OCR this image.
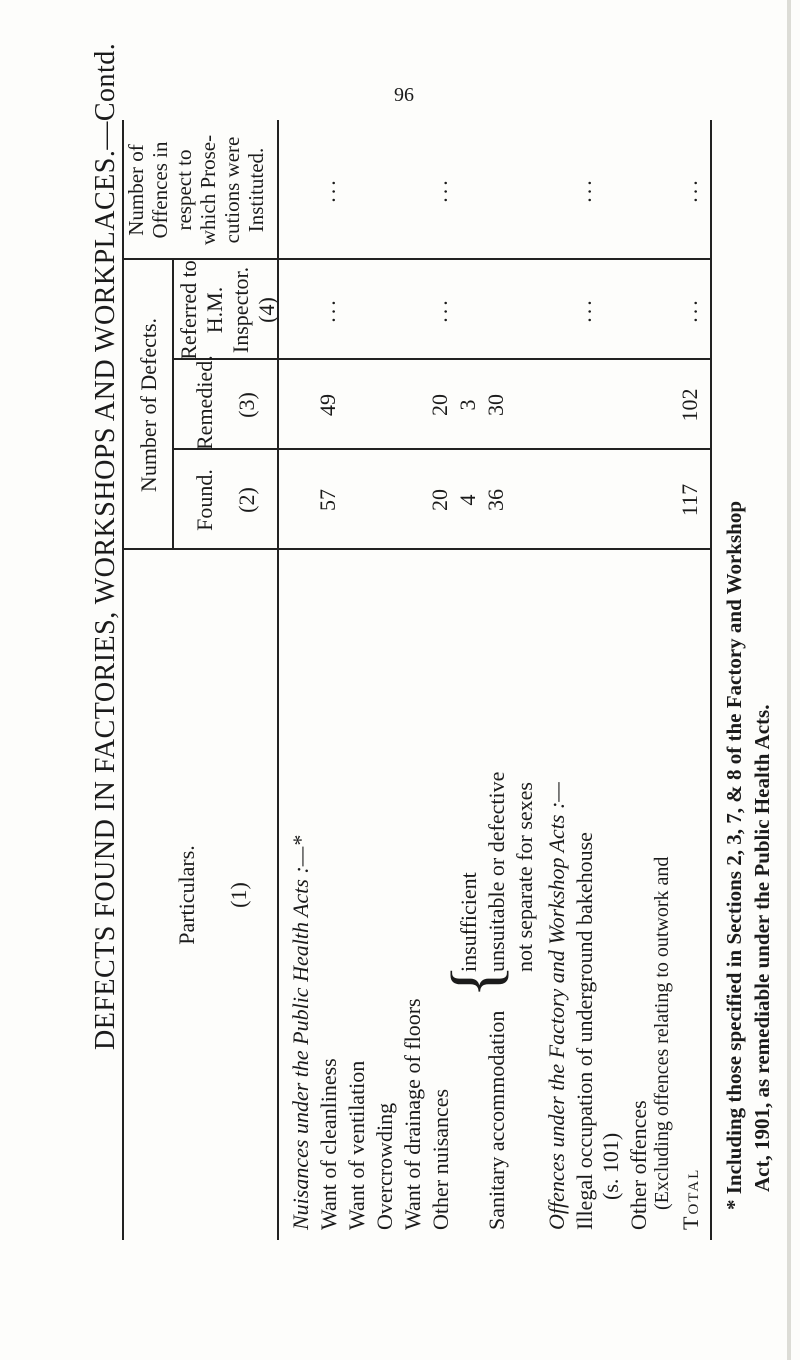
96
DEFECTS FOUND IN FACTORIES, WORKSHOPS AND WORKPLACES.—Contd. Particulars. (1)
Number of Defects.
Found. (2)
Remedied. (3)
Referred to H.M. Inspector. (4)
Number of Offences in respect to which Prose- cutions were Instituted.
Nuisances under the Public Health Acts :—* Want of cleanliness Want of ventilation Overcrowding Want of drainage of floors Other nuisances Sanitary accommodation
{
insufficient unsuitable or defective not separate for sexes Offences under the Factory and Workshop Acts :— Illegal occupation of underground bakehouse (s. 101) Other offences (Excluding offences relating to outwork and
57
49
20
20
4
3
36
30
...
...
...
...
...
...
Total
117
102
...
...
* Including those specified in Sections 2, 3, 7, & 8 of the Factory and Workshop Act, 1901, as remediable under the Public Health Acts.
